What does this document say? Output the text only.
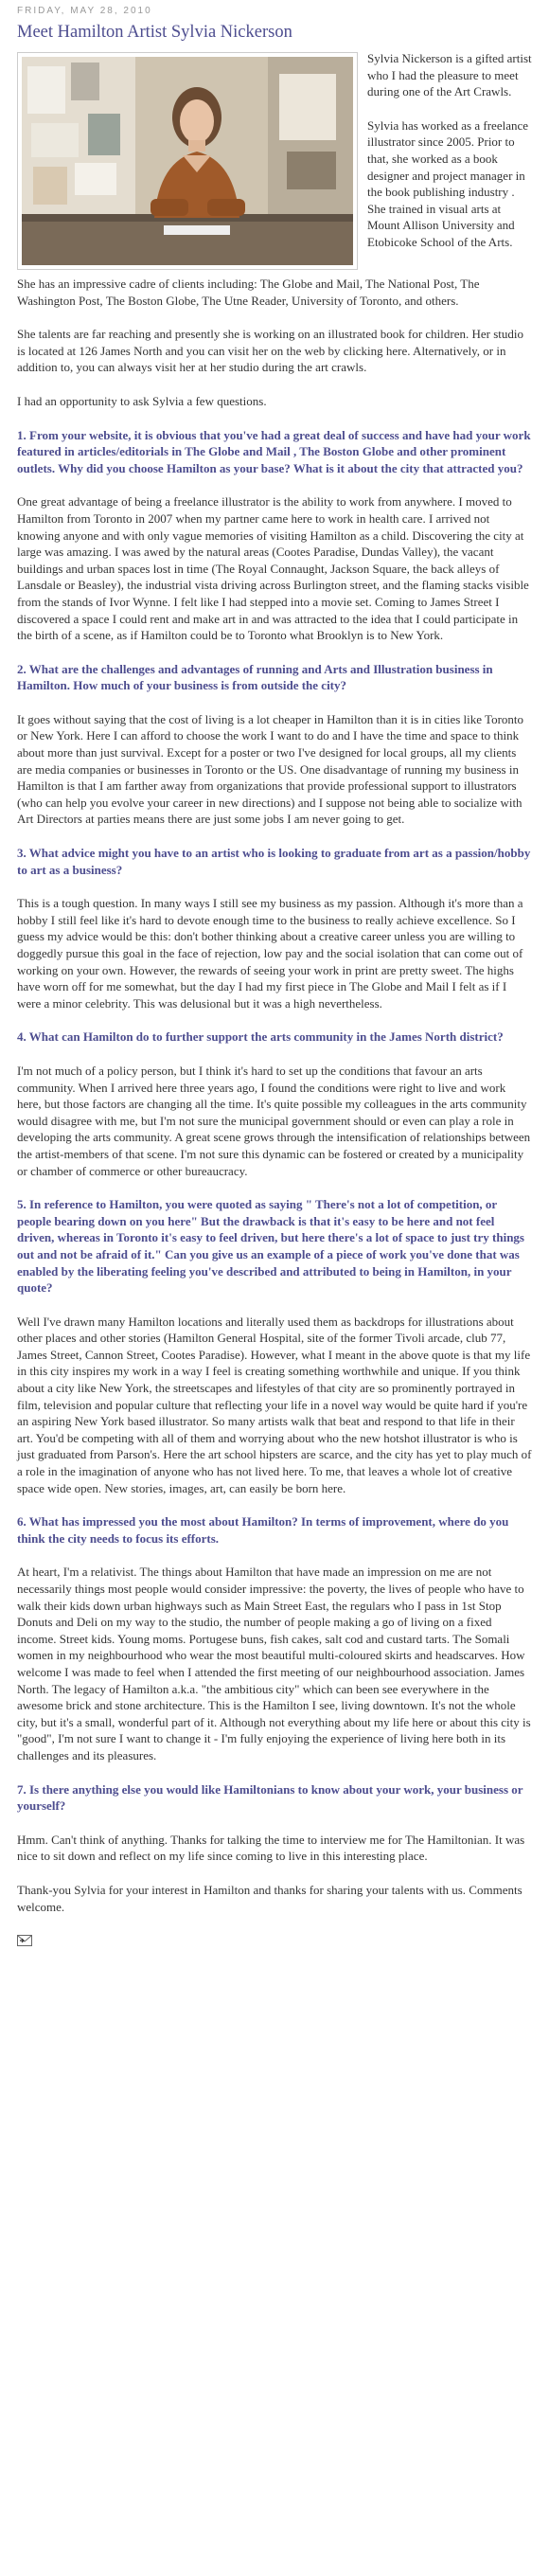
FRIDAY, MAY 28, 2010
Meet Hamilton Artist Sylvia Nickerson

Sylvia Nickerson is a gifted artist who I had the pleasure to meet during one of the Art Crawls.

Sylvia has worked as a freelance illustrator since 2005. Prior to that, she worked as a book designer and project manager in the book publishing industry . She trained in visual arts at Mount Allison University and Etobicoke School of the Arts.

She has an impressive cadre of clients including: The Globe and Mail, The National Post, The Washington Post, The Boston Globe, The Utne Reader, University of Toronto, and others.

She talents are far reaching and presently she is working on an illustrated book for children. Her studio is located at 126 James North and you can visit her on the web by clicking here. Alternatively, or in addition to, you can always visit her at her studio during the art crawls.

I had an opportunity to ask Sylvia a few questions.

1. From your website, it is obvious that you've had a great deal of success and have had your work featured in articles/editorials in The Globe and Mail , The Boston Globe and other prominent outlets. Why did you choose Hamilton as your base? What is it about the city that attracted you?

One great advantage of being a freelance illustrator is the ability to work from anywhere. I moved to Hamilton from Toronto in 2007 when my partner came here to work in health care. I arrived not knowing anyone and with only vague memories of visiting Hamilton as a child. Discovering the city at large was amazing. I was awed by the natural areas (Cootes Paradise, Dundas Valley), the vacant buildings and urban spaces lost in time (The Royal Connaught, Jackson Square, the back alleys of Lansdale or Beasley), the industrial vista driving across Burlington street, and the flaming stacks visible from the stands of Ivor Wynne. I felt like I had stepped into a movie set. Coming to James Street I discovered a space I could rent and make art in and was attracted to the idea that I could participate in the birth of a scene, as if Hamilton could be to Toronto what Brooklyn is to New York.

2. What are the challenges and advantages of running and Arts and Illustration business in Hamilton. How much of your business is from outside the city?

It goes without saying that the cost of living is a lot cheaper in Hamilton than it is in cities like Toronto or New York. Here I can afford to choose the work I want to do and I have the time and space to think about more than just survival. Except for a poster or two I've designed for local groups, all my clients are media companies or businesses in Toronto or the US. One disadvantage of running my business in Hamilton is that I am farther away from organizations that provide professional support to illustrators (who can help you evolve your career in new directions) and I suppose not being able to socialize with Art Directors at parties means there are just some jobs I am never going to get.

3. What advice might you have to an artist who is looking to graduate from art as a passion/hobby to art as a business?

This is a tough question. In many ways I still see my business as my passion. Although it's more than a hobby I still feel like it's hard to devote enough time to the business to really achieve excellence. So I guess my advice would be this: don't bother thinking about a creative career unless you are willing to doggedly pursue this goal in the face of rejection, low pay and the social isolation that can come out of working on your own. However, the rewards of seeing your work in print are pretty sweet. The highs have worn off for me somewhat, but the day I had my first piece in The Globe and Mail I felt as if I were a minor celebrity. This was delusional but it was a high nevertheless.

4. What can Hamilton do to further support the arts community in the James North district?

I'm not much of a policy person, but I think it's hard to set up the conditions that favour an arts community. When I arrived here three years ago, I found the conditions were right to live and work here, but those factors are changing all the time. It's quite possible my colleagues in the arts community would disagree with me, but I'm not sure the municipal government should or even can play a role in developing the arts community. A great scene grows through the intensification of relationships between the artist-members of that scene. I'm not sure this dynamic can be fostered or created by a municipality or chamber of commerce or other bureaucracy.

5. In reference to Hamilton, you were quoted as saying " There's not a lot of competition, or people bearing down on you here" But the drawback is that it's easy to be here and not feel driven, whereas in Toronto it's easy to feel driven, but here there's a lot of space to just try things out and not be afraid of it." Can you give us an example of a piece of work you've done that was enabled by the liberating feeling you've described and attributed to being in Hamilton, in your quote?

Well I've drawn many Hamilton locations and literally used them as backdrops for illustrations about other places and other stories (Hamilton General Hospital, site of the former Tivoli arcade, club 77, James Street, Cannon Street, Cootes Paradise). However, what I meant in the above quote is that my life in this city inspires my work in a way I feel is creating something worthwhile and unique. If you think about a city like New York, the streetscapes and lifestyles of that city are so prominently portrayed in film, television and popular culture that reflecting your life in a novel way would be quite hard if you're an aspiring New York based illustrator. So many artists walk that beat and respond to that life in their art. You'd be competing with all of them and worrying about who the new hotshot illustrator is who is just graduated from Parson's. Here the art school hipsters are scarce, and the city has yet to play much of a role in the imagination of anyone who has not lived here. To me, that leaves a whole lot of creative space wide open. New stories, images, art, can easily be born here.

6. What has impressed you the most about Hamilton? In terms of improvement, where do you think the city needs to focus its efforts.

At heart, I'm a relativist. The things about Hamilton that have made an impression on me are not necessarily things most people would consider impressive: the poverty, the lives of people who have to walk their kids down urban highways such as Main Street East, the regulars who I pass in 1st Stop Donuts and Deli on my way to the studio, the number of people making a go of living on a fixed income. Street kids. Young moms. Portugese buns, fish cakes, salt cod and custard tarts. The Somali women in my neighbourhood who wear the most beautiful multi-coloured skirts and headscarves. How welcome I was made to feel when I attended the first meeting of our neighbourhood association. James North. The legacy of Hamilton a.k.a. "the ambitious city" which can been see everywhere in the awesome brick and stone architecture. This is the Hamilton I see, living downtown. It's not the whole city, but it's a small, wonderful part of it. Although not everything about my life here or about this city is "good", I'm not sure I want to change it - I'm fully enjoying the experience of living here both in its challenges and its pleasures.

7. Is there anything else you would like Hamiltonians to know about your work, your business or yourself?

Hmm. Can't think of anything. Thanks for talking the time to interview me for The Hamiltonian. It was nice to sit down and reflect on my life since coming to live in this interesting place.

Thank-you Sylvia for your interest in Hamilton and thanks for sharing your talents with us. Comments welcome.
